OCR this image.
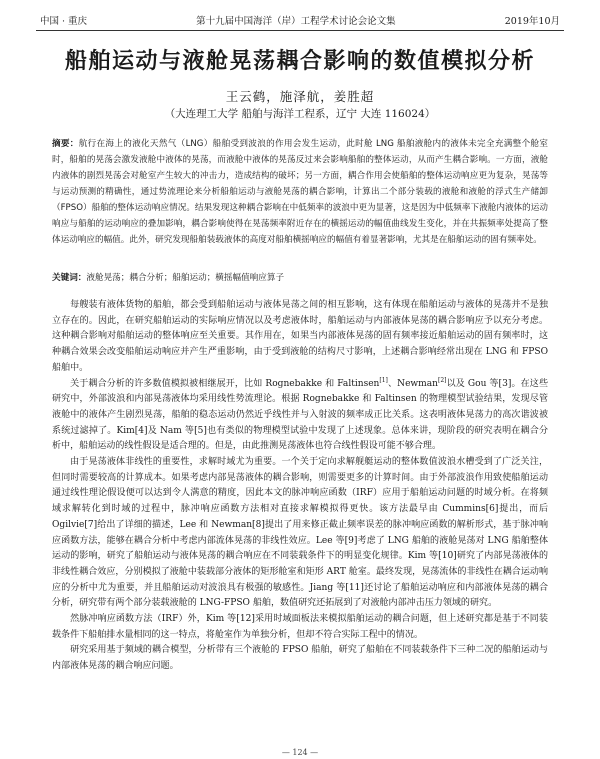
中国 · 重庆	第十九届中国海洋（岸）工程学术讨论会论文集	2019年10月
船舶运动与液舱晃荡耦合影响的数值模拟分析
王云鹤，施泽航，姜胜超
（大连理工大学 船舶与海洋工程系，辽宁 大连 116024）
摘要：航行在海上的液化天然气（LNG）船舶受到波浪的作用会发生运动，此时舱 LNG 船舶液舱内的液体未完全充满整个舱室时，船舶的晃荡会激发液舱中液体的晃荡，而液舱中液体的晃荡反过来会影响船舶的整体运动，从而产生耦合影响。一方面，液舱内液体的剧烈晃荡会对舱室产生较大的冲击力，造成结构的破坏；另一方面，耦合作用会使船舶的整体运动响应更为复杂，晃荡等与运动预测的精确性，通过势流理论来分析船舶运动与液舱晃荡的耦合影响，计算出二个部分装载的液舱和液舱的浮式生产储卸（FPSO）船舶的整体运动响应情况。结果发现这种耦合影响在中低频率的波浪中更为显著，这是因为中低频率下液舱内液体的运动响应与船舶的运动响应的叠加影响，耦合影响使得在晃荡频率附近存在的横摇运动的幅值曲线发生变化，并在共振频率处提高了整体运动响应的幅值。此外，研究发现船舶装载液体的高度对船舶横摇响应的幅值有着显著影响，尤其是在船舶运动的固有频率处。
关键词：液舱晃荡；耦合分析；船舶运动；横摇幅值响应算子

每艘装有液体货物的船舶，都会受到船舶运动与液体晃荡之间的相互影响，这有体现在船舶运动与液体的晃荡并不是独立存在的。因此，在研究船舶运动的实际响应情况以及考虑液体时，船舶运动与内部液体晃荡的耦合影响应予以充分考虑。这种耦合影响对船舶运动的整体响应至关重要。其作用在，如果当内部液体晃荡的固有频率接近船舶运动的固有频率时，这种耦合效果会改变船舶运动响应并产生严重影响，由于受到液舱的结构尺寸影响，上述耦合影响经常出现在 LNG 和 FPSO 船舶中。

关于耦合分析的许多数值模拟被相继展开，比如 Rognebakke 和 Faltinsen[1]、Newman[2]以及 Gou 等[3]。在这些研究中，外部波浪和内部晃荡液体均采用线性势流理论。根据 Rognebakke 和 Faltinsen 的物理模型试验结果，发现尽管液舱中的液体产生剧烈晃荡，船舶的稳态运动仍然近乎线性并与入射波的频率成正比关系。这表明液体晃荡力的高次谐波被系统过滤掉了。Kim[4]及 Nam 等[5]也有类似的物理模型试验中发现了上述现象。总体来讲，现阶段的研究表明在耦合分析中，船舶运动的线性假设是适合理的。但是，由此推测晃荡液体也符合线性假设可能不够合理。

由于晃荡液体非线性的重要性，求解时域尤为重要。一个关于定向求解舰艇运动的整体数值波浪水槽受到了广泛关注，但同时需要较高的计算成本。如果考虑内部晃荡液体的耦合影响，则需要更多的计算时间。由于外部波浪作用致使船舶运动通过线性理论假设便可以达到令人满意的精度，因此本文的脉冲响应函数（IRF）应用于船舶运动问题的时域分析。在将频域求解转化到时域的过程中，脉冲响应函数方法相对直接求解模拟得更快。该方法最早由 Cummins[6]提出，而后 Ogilvie[7]给出了详细的描述，Lee 和 Newman[8]提出了用来修正截止频率误差的脉冲响应函数的解析形式，基于脉冲响应函数方法，能够在耦合分析中考虑内部流体晃荡的非线性效应。Lee 等[9]考虑了 LNG 船舶的液舱晃荡对 LNG 船舶整体运动的影响，研究了船舶运动与液体晃荡的耦合响应在不同装载条件下的明显变化规律。Kim 等[10]研究了内部晃荡液体的非线性耦合效应，分别模拟了液舱中装载部分液体的矩形舱室和矩形 ART 舱室。最终发现，晃荡流体的非线性在耦合运动响应的分析中尤为重要，并且船舶运动对波浪具有极强的敏感性。Jiang 等[11]还讨论了船舶运动响应和内部液体晃荡的耦合分析，研究带有两个部分装载液舱的 LNG-FPSO 船舶，数值研究还拓展到了对液舱内部冲击压力领域的研究。

然脉冲响应函数方法（IRF）外，Kim 等[12]采用时域面板法来模拟船舶运动的耦合问题，但上述研究都是基于不同装载条件下船舶排水量相同的这一特点，将舱室作为单独分析，但却不符合实际工程中的情况。

研究采用基于频域的耦合模型，分析带有三个液舱的 FPSO 船舶，研究了船舶在不同装载条件下三种二况的船舶运动与内部液体晃荡的耦合响应问题。

— 124 —
